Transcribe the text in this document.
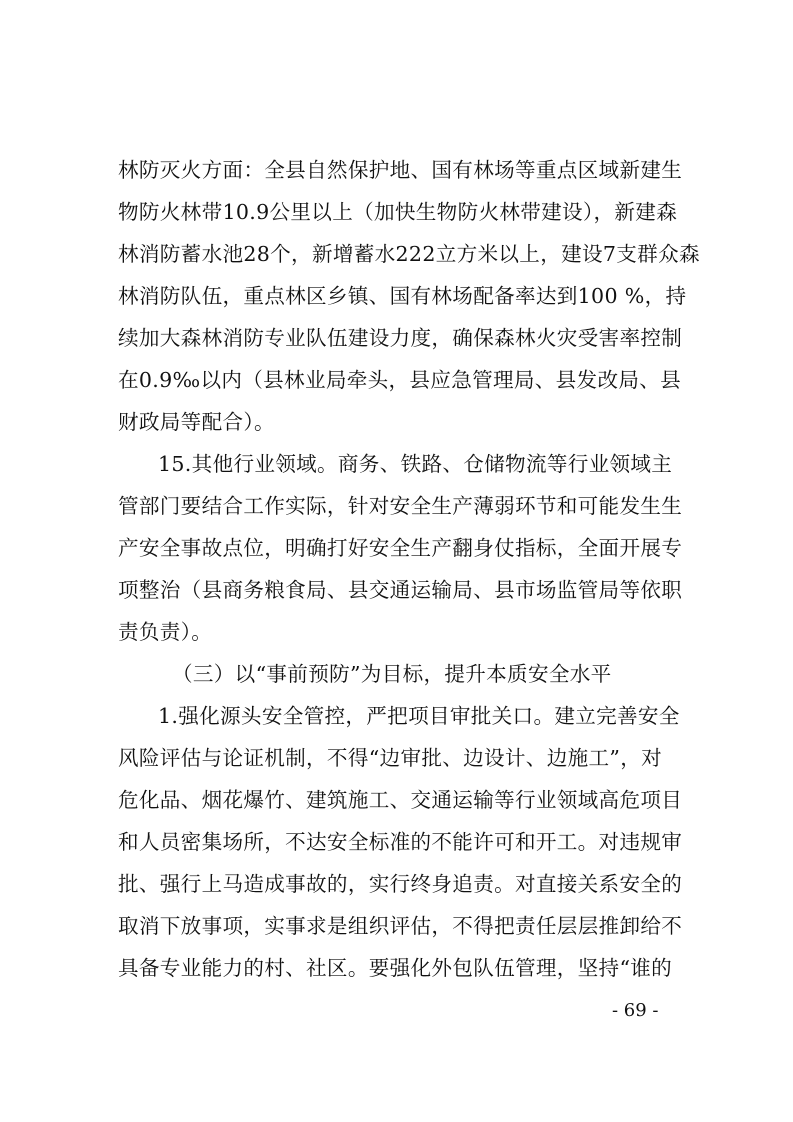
林防灭火方面：全县自然保护地、国有林场等重点区域新建生
物防火林带10.9公里以上（加快生物防火林带建设），新建森
林消防蓄水池28个，新增蓄水222立方米以上，建设7支群众森
林消防队伍，重点林区乡镇、国有林场配备率达到100 %，持
续加大森林消防专业队伍建设力度，确保森林火灾受害率控制
在0.9‰以内（县林业局牵头，县应急管理局、县发改局、县
财政局等配合）。
15.其他行业领域。商务、铁路、仓储物流等行业领域主
管部门要结合工作实际，针对安全生产薄弱环节和可能发生生
产安全事故点位，明确打好安全生产翻身仗指标，全面开展专
项整治（县商务粮食局、县交通运输局、县市场监管局等依职
责负责）。
（三）以“事前预防”为目标，提升本质安全水平
1.强化源头安全管控，严把项目审批关口。建立完善安全
风险评估与论证机制，不得“边审批、边设计、边施工”，对
危化品、烟花爆竹、建筑施工、交通运输等行业领域高危项目
和人员密集场所，不达安全标准的不能许可和开工。对违规审
批、强行上马造成事故的，实行终身追责。对直接关系安全的
取消下放事项，实事求是组织评估，不得把责任层层推卸给不
具备专业能力的村、社区。要强化外包队伍管理，坚持“谁的
- 69 -
